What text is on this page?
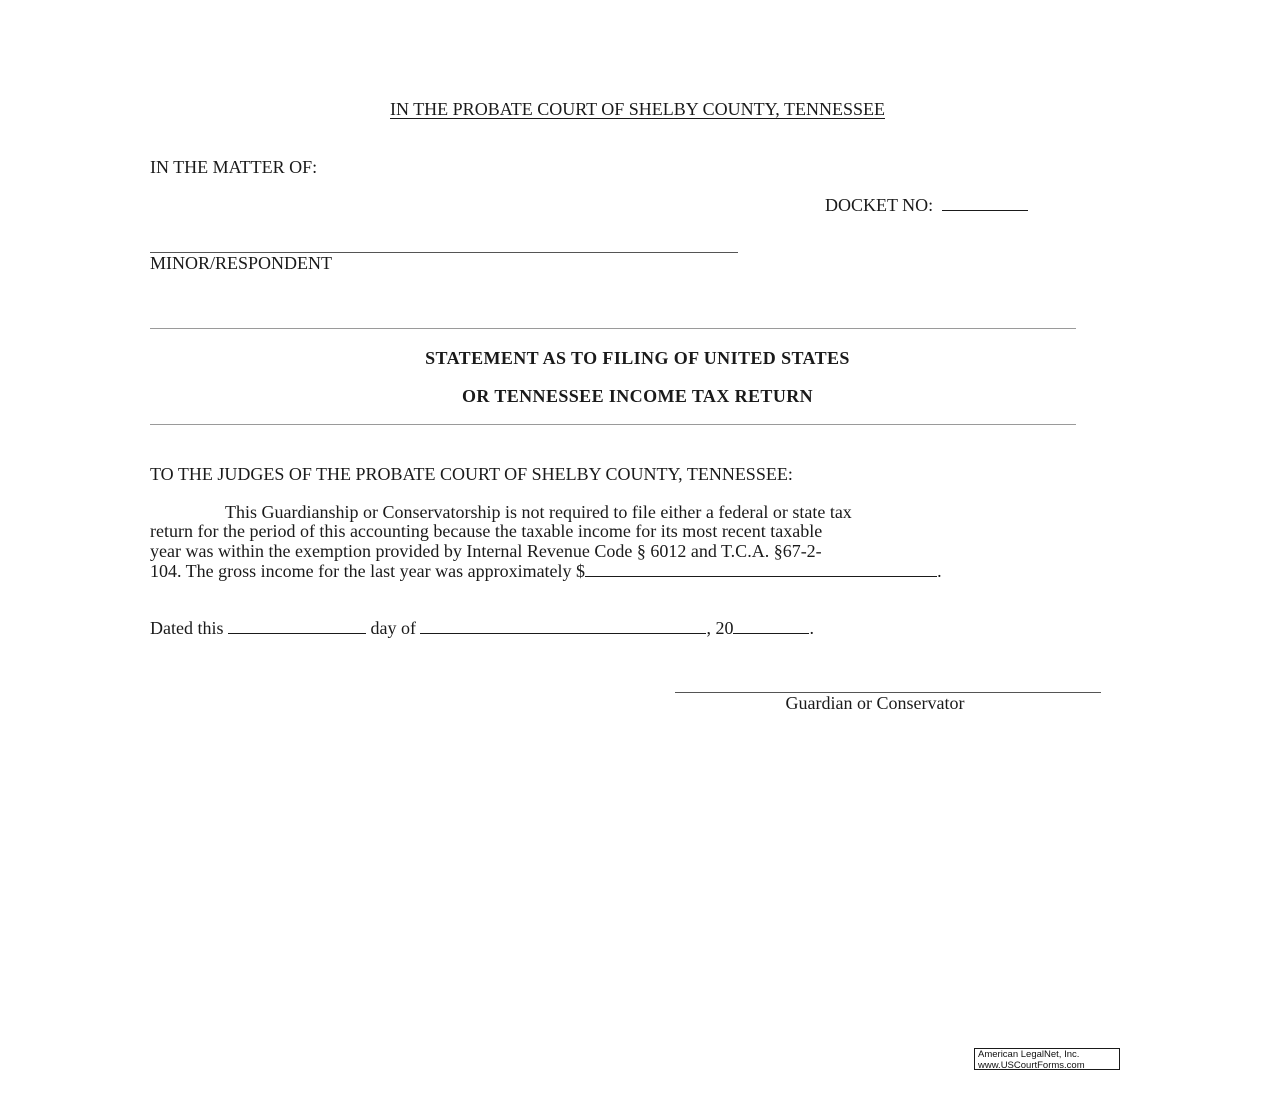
IN THE PROBATE COURT OF SHELBY COUNTY, TENNESSEE
IN THE MATTER OF:
DOCKET NO:
MINOR/RESPONDENT
STATEMENT AS TO FILING OF UNITED STATES
OR TENNESSEE INCOME TAX RETURN
TO THE JUDGES OF THE PROBATE COURT OF SHELBY COUNTY, TENNESSEE:
This Guardianship or Conservatorship is not required to file either a federal or state tax
return for the period of this accounting because the taxable income for its most recent taxable
year was within the exemption provided by Internal Revenue Code § 6012 and T.C.A. §67-2-
104. The gross income for the last year was approximately $	.
Dated this	day of	, 20	.
Guardian or Conservator
American LegalNet, Inc.
www.USCourtForms.com
